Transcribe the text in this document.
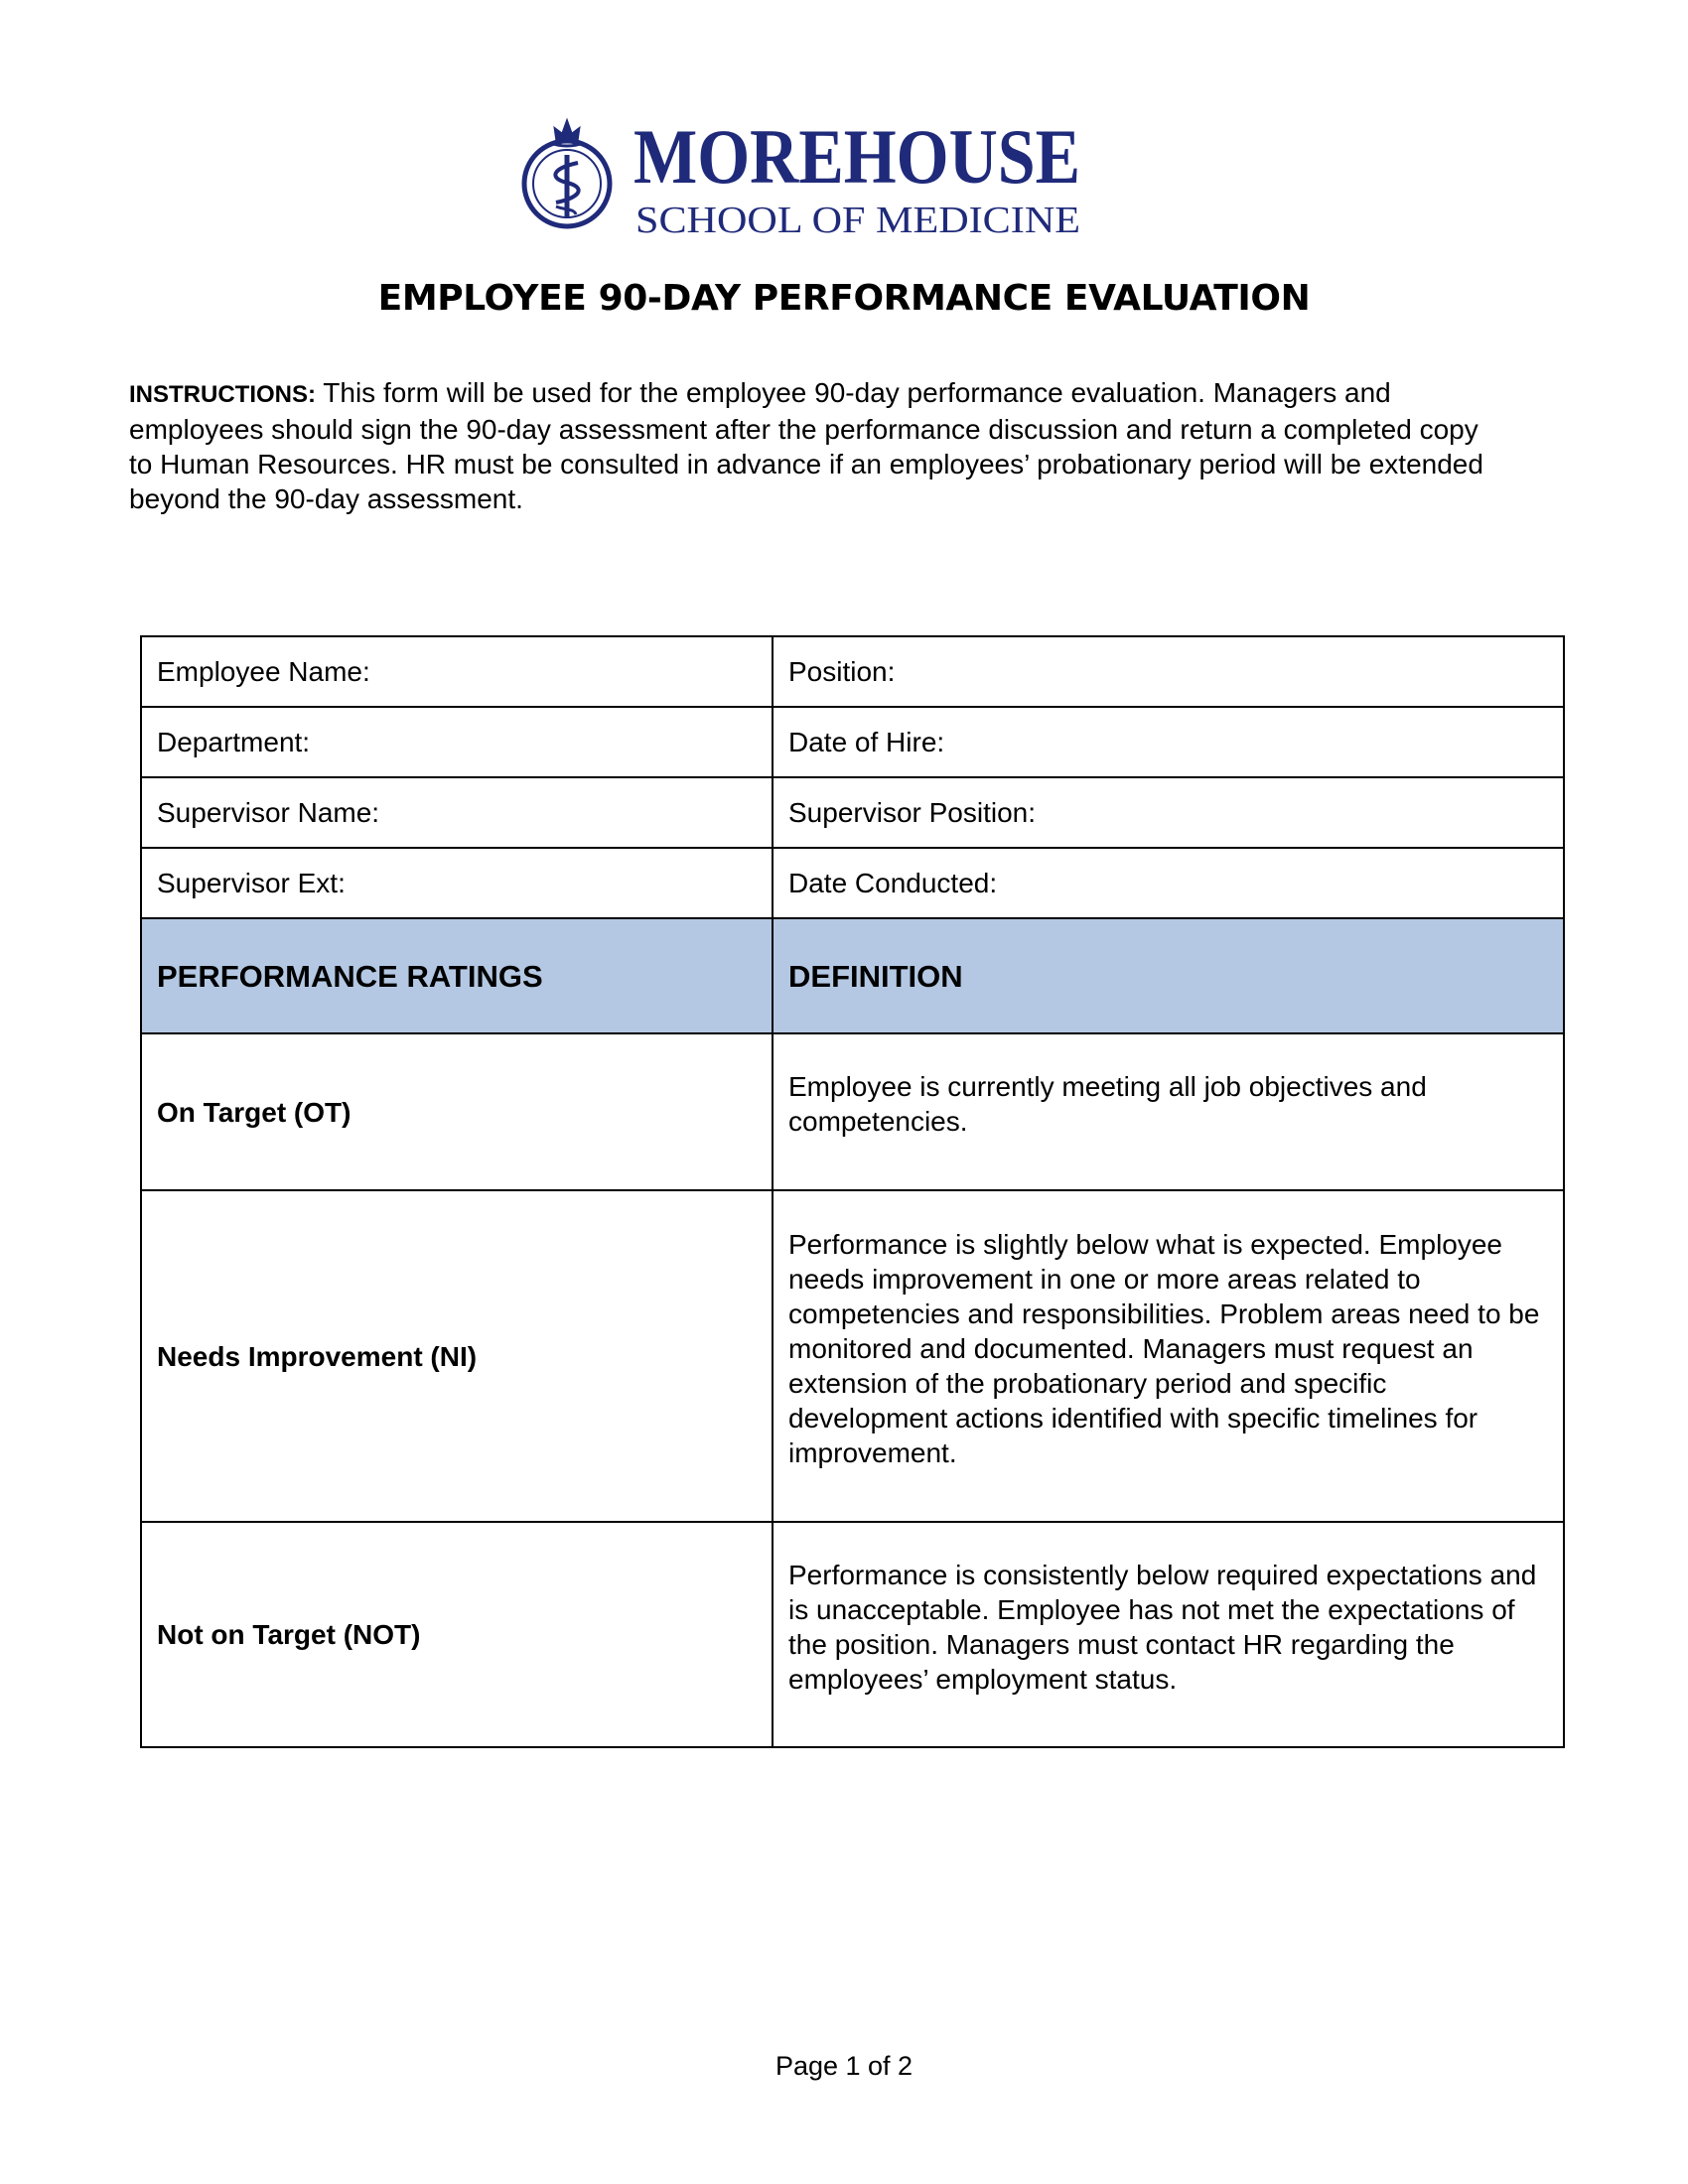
MOREHOUSE
SCHOOL OF MEDICINE
EMPLOYEE 90-DAY PERFORMANCE EVALUATION

INSTRUCTIONS: This form will be used for the employee 90-day performance evaluation. Managers and employees should sign the 90-day assessment after the performance discussion and return a completed copy to Human Resources. HR must be consulted in advance if an employees’ probationary period will be extended beyond the 90-day assessment.

Employee Name:	Position:
Department:	Date of Hire:
Supervisor Name:	Supervisor Position:
Supervisor Ext:	Date Conducted:
PERFORMANCE RATINGS	DEFINITION
On Target (OT)	Employee is currently meeting all job objectives and competencies.

Needs Improvement (NI)	Performance is slightly below what is expected. Employee needs improvement in one or more areas related to competencies and responsibilities. Problem areas need to be monitored and documented. Managers must request an extension of the probationary period and specific development actions identified with specific timelines for improvement.

Not on Target (NOT)	Performance is consistently below required expectations and is unacceptable. Employee has not met the expectations of the position. Managers must contact HR regarding the employees’ employment status.

Page 1 of 2
